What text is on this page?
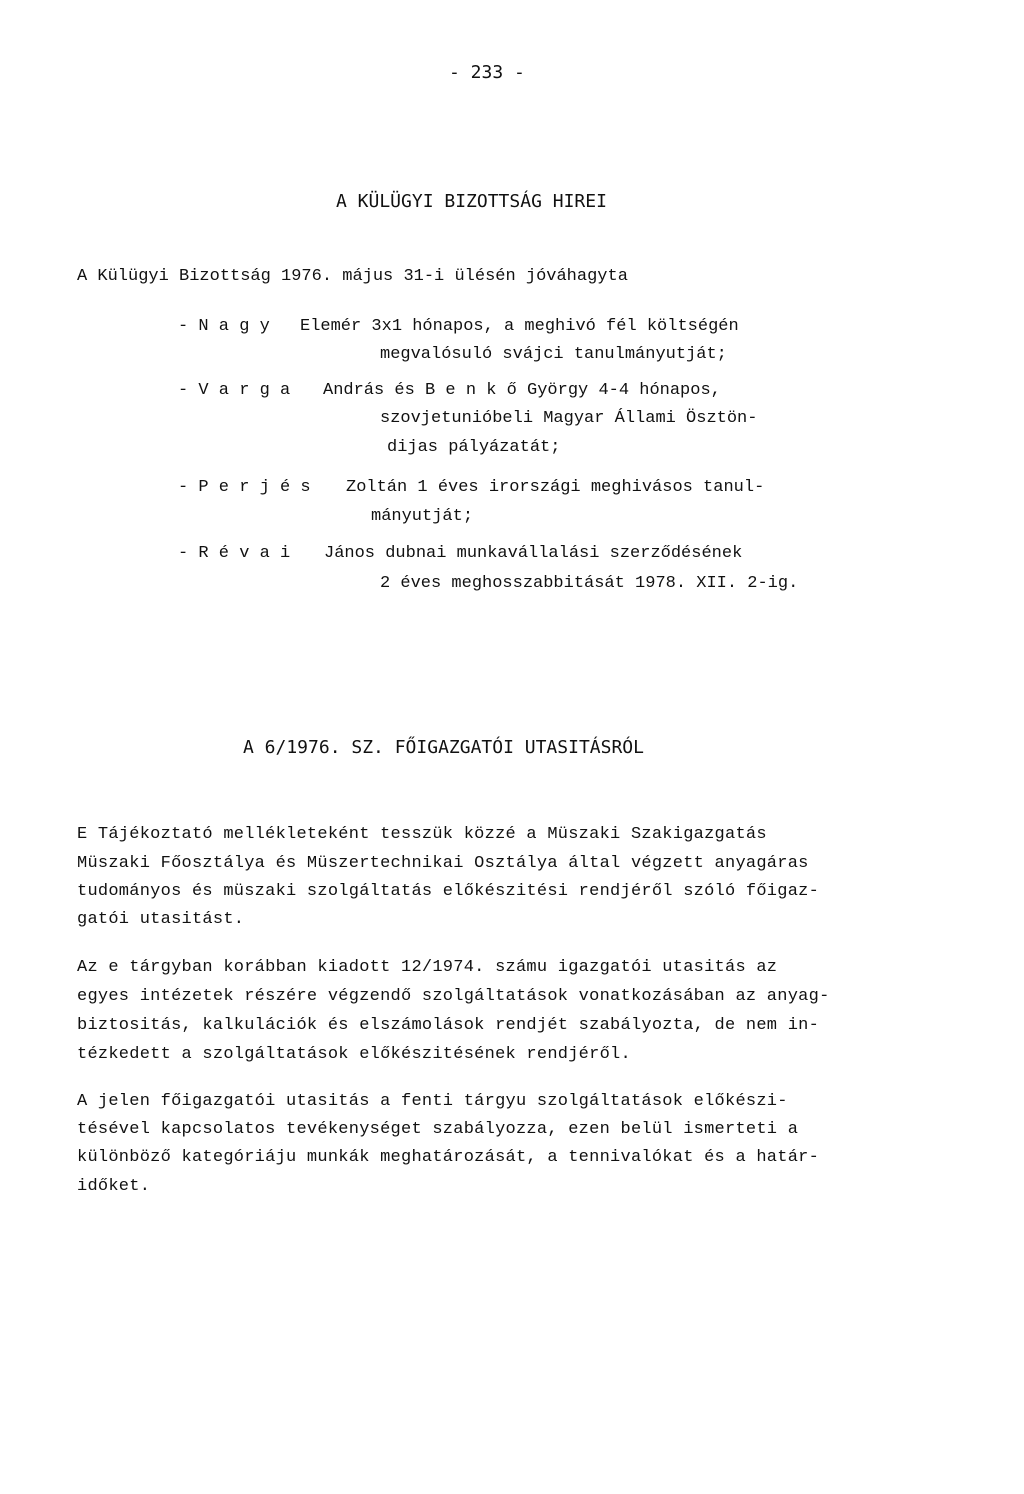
- 233 -
A KÜLÜGYI BIZOTTSÁG HIREI
A Külügyi Bizottság 1976. május 31-i ülésén jóváhagyta
- N a g y Elemér 3x1 hónapos, a meghivó fél költségén
megvalósuló svájci tanulmányutját;
- V a r g a András és B e n k ő György 4-4 hónapos,
szovjetunióbeli Magyar Állami Ösztön-
dijas pályázatát;
- P e r j é s Zoltán 1 éves irországi meghivásos tanul-
mányutját;
- R é v a i János dubnai munkavállalási szerződésének
2 éves meghosszabbitását 1978. XII. 2-ig.
A 6/1976. SZ. FŐIGAZGATÓI UTASITÁSRÓL
E Tájékoztató mellékleteként tesszük közzé a Müszaki Szakigazgatás
Müszaki Főosztálya és Müszertechnikai Osztálya által végzett anyagáras
tudományos és müszaki szolgáltatás előkészitési rendjéről szóló főigaz-
gatói utasitást.
Az e tárgyban korábban kiadott 12/1974. számu igazgatói utasitás az
egyes intézetek részére végzendő szolgáltatások vonatkozásában az anyag-
biztositás, kalkulációk és elszámolások rendjét szabályozta, de nem in-
tézkedett a szolgáltatások előkészitésének rendjéről.
A jelen főigazgatói utasitás a fenti tárgyu szolgáltatások előkészi-
tésével kapcsolatos tevékenységet szabályozza, ezen belül ismerteti a
különböző kategóriáju munkák meghatározását, a tennivalókat és a határ-
időket.
